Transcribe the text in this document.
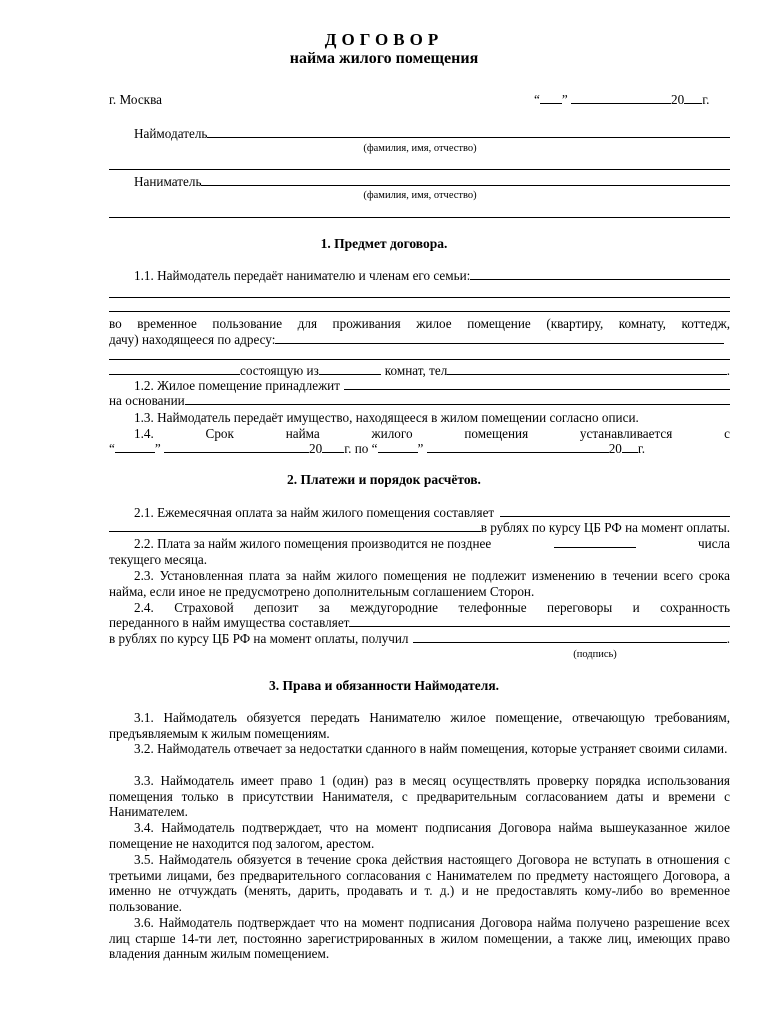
ДОГОВОР
найма жилого помещения
г. Москва	“ ”	20 г.
Наймодатель
(фамилия, имя, отчество)
Наниматель
(фамилия, имя, отчество)
1. Предмет договора.
1.1. Наймодатель передаёт нанимателю и членам его семьи:
во временное пользование для проживания жилое помещение (квартиру, комнату, коттедж,
дачу) находящееся по адресу:
состоящую из	комнат, тел	.
1.2. Жилое помещение принадлежит
на основании
1.3. Наймодатель передаёт имущество, находящееся в жилом помещении согласно описи.
1.4.	Срок	найма	жилого	помещения	устанавливается	с
“	”	20 г. по “	”	20 г.
2. Платежи и порядок расчётов.
2.1. Ежемесячная оплата за найм жилого помещения составляет
в рублях по курсу ЦБ РФ на момент оплаты.
2.2. Плата за найм жилого помещения производится не позднее	числа
текущего месяца.
2.3. Установленная плата за найм жилого помещения не подлежит изменению в течении всего срока найма, если иное не предусмотрено дополнительным соглашением Сторон.
2.4. Страховой депозит за междугородние телефонные переговоры и сохранность
переданного в найм имущества составляет
в рублях по курсу ЦБ РФ на момент оплаты, получил	.
(подпись)
3. Права и обязанности Наймодателя.
3.1. Наймодатель обязуется передать Нанимателю жилое помещение, отвечающую требованиям, предъявляемым к жилым помещениям.
3.2. Наймодатель отвечает за недостатки сданного в найм помещения, которые устраняет своими силами.
3.3. Наймодатель имеет право 1 (один) раз в месяц осуществлять проверку порядка использования помещения только в присутствии Нанимателя, с предварительным согласованием даты и времени с Нанимателем.
3.4. Наймодатель подтверждает, что на момент подписания Договора найма вышеуказанное жилое помещение не находится под залогом, арестом.
3.5. Наймодатель обязуется в течение срока действия настоящего Договора не вступать в отношения с третьими лицами, без предварительного согласования с Нанимателем по предмету настоящего Договора, а именно не отчуждать (менять, дарить, продавать и т. д.) и не предоставлять кому-либо во временное пользование.
3.6. Наймодатель подтверждает что на момент подписания Договора найма получено разрешение всех лиц старше 14-ти лет, постоянно зарегистрированных в жилом помещении, а также лиц, имеющих право владения данным жилым помещением.
